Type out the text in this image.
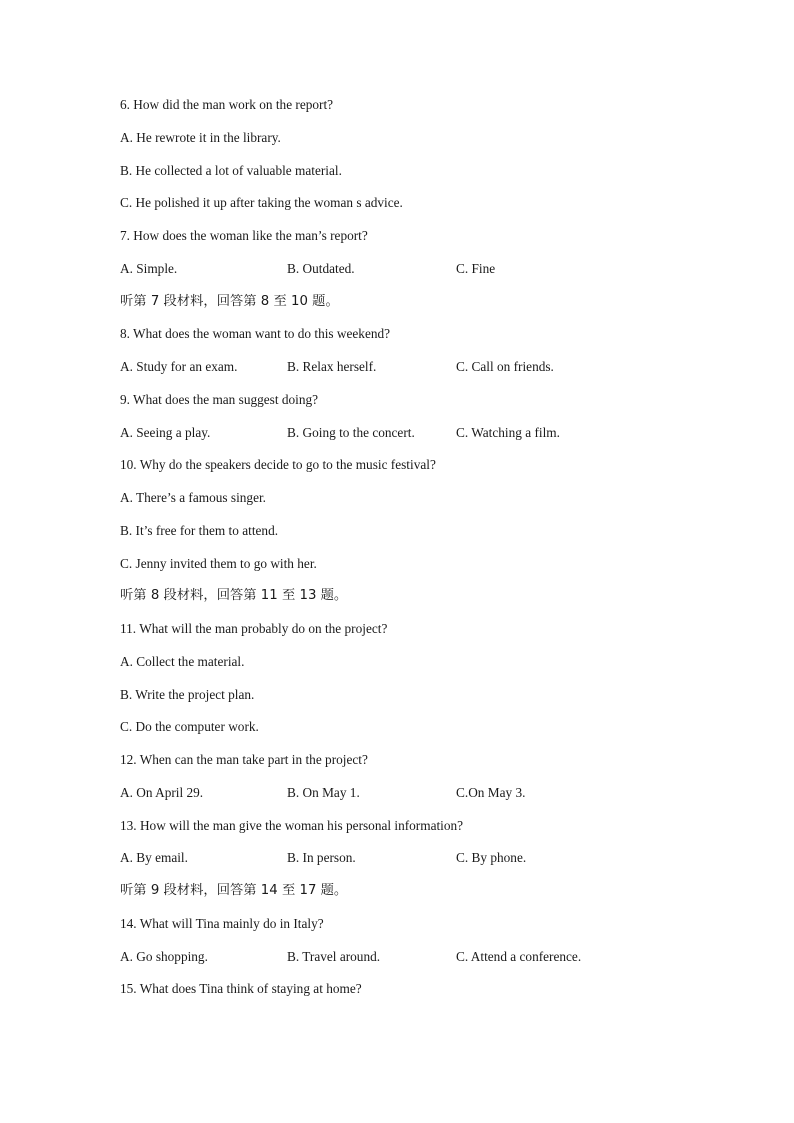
6. How did the man work on the report?
A. He rewrote it in the library.
B. He collected a lot of valuable material.
C. He polished it up after taking the woman s advice.
7. How does the woman like the man’s report?
A. Simple.	B. Outdated.	C. Fine
听第 7 段材料，回答第 8 至 10 题。
8. What does the woman want to do this weekend?
A. Study for an exam.	B. Relax herself.	C. Call on friends.
9. What does the man suggest doing?
A. Seeing a play.	B. Going to the concert.	C. Watching a film.
10. Why do the speakers decide to go to the music festival?
A. There’s a famous singer.
B. It’s free for them to attend.
C. Jenny invited them to go with her.
听第 8 段材料，回答第 11 至 13 题。
11. What will the man probably do on the project?
A. Collect the material.
B. Write the project plan.
C. Do the computer work.
12. When can the man take part in the project?
A. On April 29.	B. On May 1.	C.On May 3.
13. How will the man give the woman his personal information?
A. By email.	B. In person.	C. By phone.
听第 9 段材料，回答第 14 至 17 题。
14. What will Tina mainly do in Italy?
A. Go shopping.	B. Travel around.	C. Attend a conference.
15. What does Tina think of staying at home?
